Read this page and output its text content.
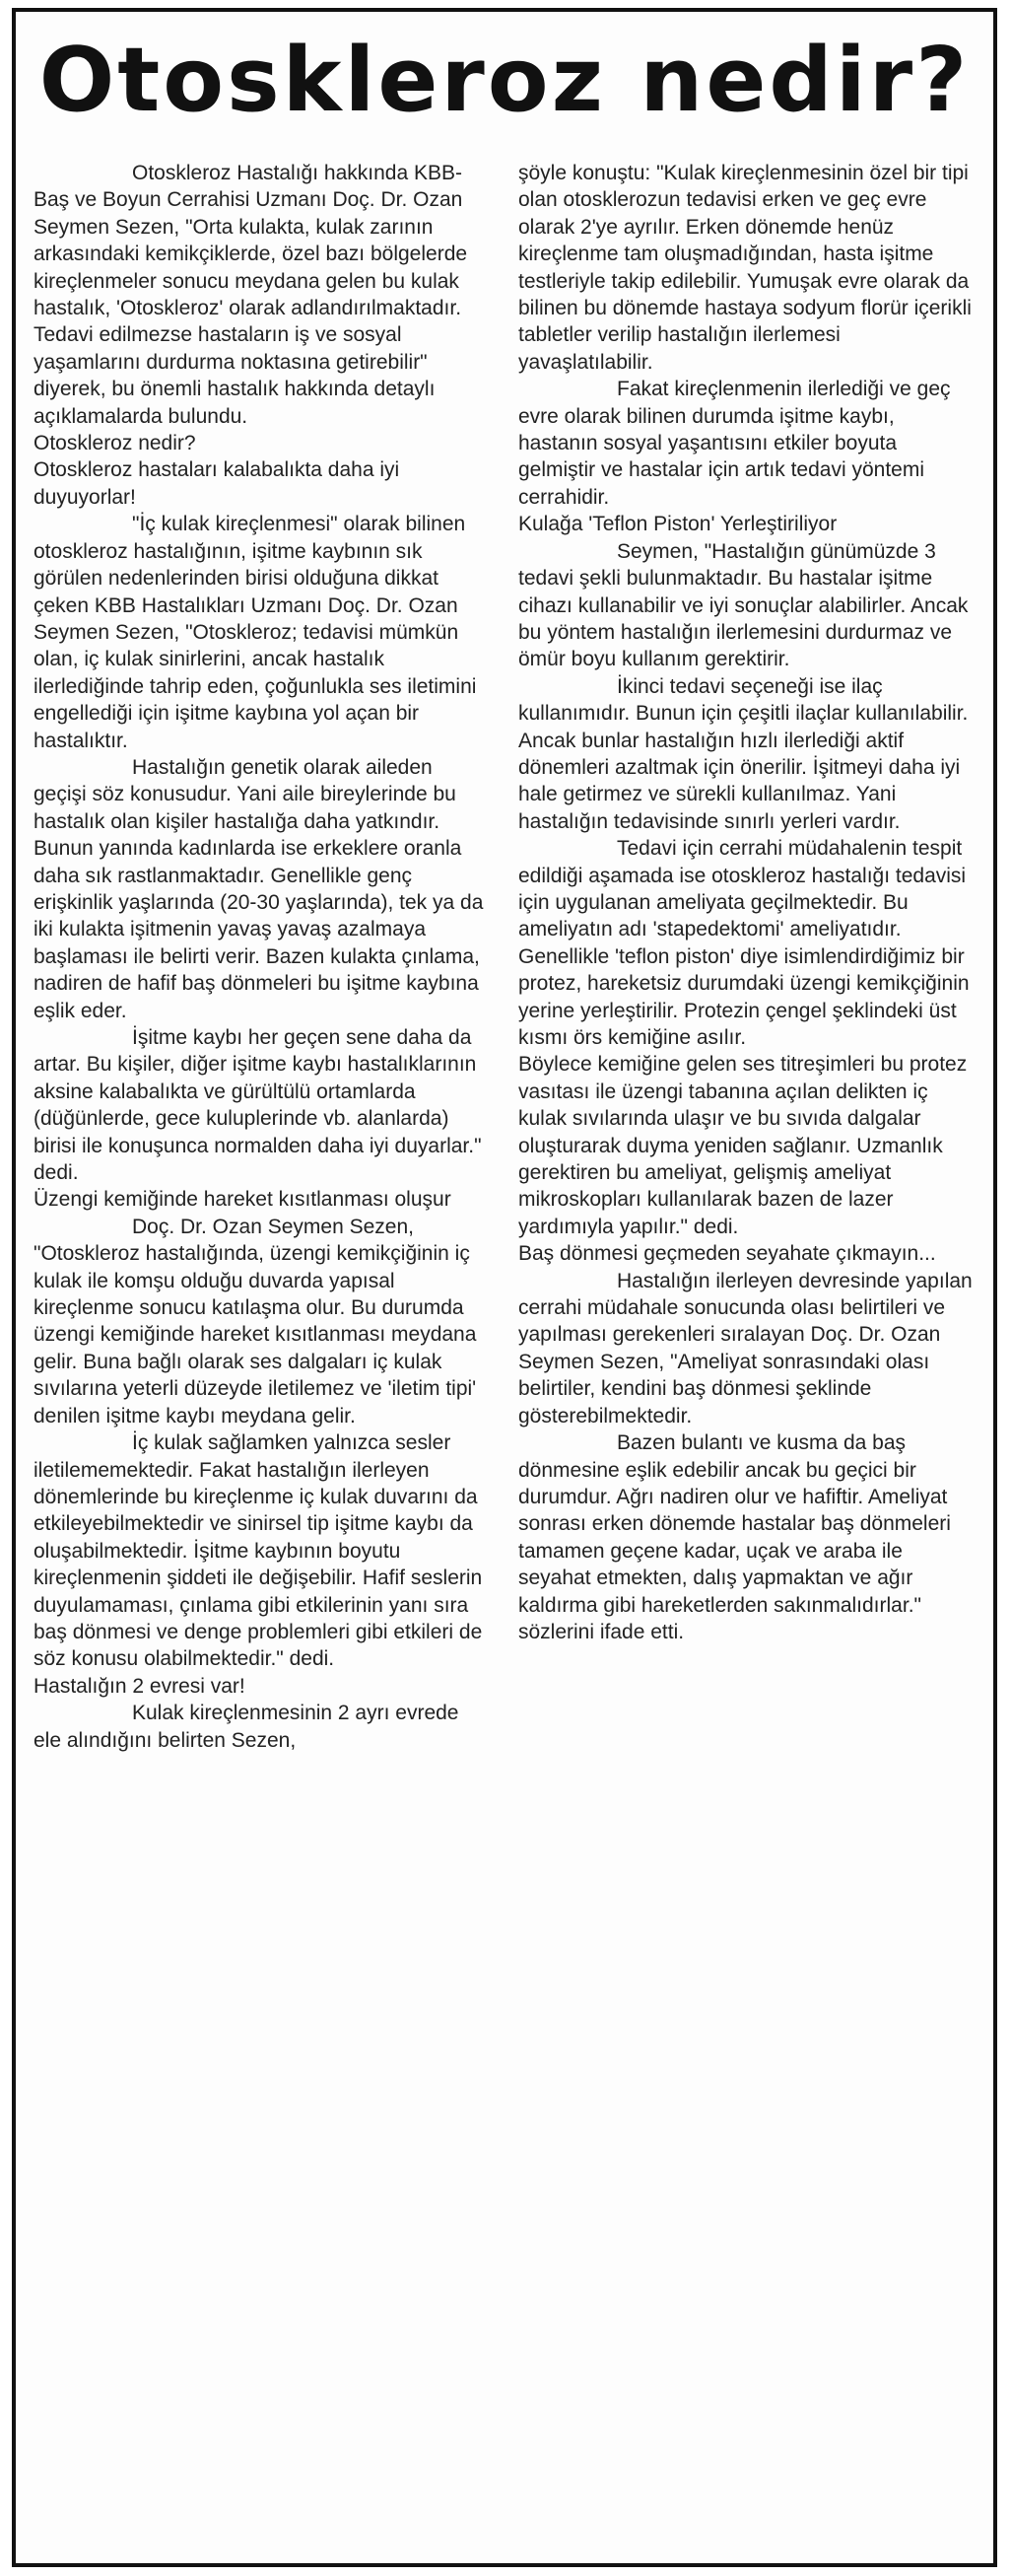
Otoskleroz nedir?

Otoskleroz Hastalığı hakkında KBB-Baş ve Boyun Cerrahisi Uzmanı Doç. Dr. Ozan Seymen Sezen, "Orta kulakta, kulak zarının arkasındaki kemikçiklerde, özel bazı bölgelerde kireçlenmeler sonucu meydana gelen bu kulak hastalık, 'Otoskleroz' olarak adlandırılmaktadır. Tedavi edilmezse hastaların iş ve sosyal yaşamlarını durdurma noktasına getirebilir" diyerek, bu önemli hastalık hakkında detaylı açıklamalarda bulundu.

Otoskleroz nedir?

Otoskleroz hastaları kalabalıkta daha iyi duyuyorlar!

"İç kulak kireçlenmesi" olarak bilinen otoskleroz hastalığının, işitme kaybının sık görülen nedenlerinden birisi olduğuna dikkat çeken KBB Hastalıkları Uzmanı Doç. Dr. Ozan Seymen Sezen, "Otoskleroz; tedavisi mümkün olan, iç kulak sinirlerini, ancak hastalık ilerlediğinde tahrip eden, çoğunlukla ses iletimini engellediği için işitme kaybına yol açan bir hastalıktır.

Hastalığın genetik olarak aileden geçişi söz konusudur. Yani aile bireylerinde bu hastalık olan kişiler hastalığa daha yatkındır. Bunun yanında kadınlarda ise erkeklere oranla daha sık rastlanmaktadır. Genellikle genç erişkinlik yaşlarında (20-30 yaşlarında), tek ya da iki kulakta işitmenin yavaş yavaş azalmaya başlaması ile belirti verir. Bazen kulakta çınlama, nadiren de hafif baş dönmeleri bu işitme kaybına eşlik eder.

İşitme kaybı her geçen sene daha da artar. Bu kişiler, diğer işitme kaybı hastalıklarının aksine kalabalıkta ve gürültülü ortamlarda (düğünlerde, gece kuluplerinde vb. alanlarda) birisi ile konuşunca normalden daha iyi duyarlar." dedi.

Üzengi kemiğinde hareket kısıtlanması oluşur

Doç. Dr. Ozan Seymen Sezen, "Otoskleroz hastalığında, üzengi kemikçiğinin iç kulak ile komşu olduğu duvarda yapısal kireçlenme sonucu katılaşma olur. Bu durumda üzengi kemiğinde hareket kısıtlanması meydana gelir. Buna bağlı olarak ses dalgaları iç kulak sıvılarına yeterli düzeyde iletilemez ve 'iletim tipi' denilen işitme kaybı meydana gelir.

İç kulak sağlamken yalnızca sesler iletilememektedir. Fakat hastalığın ilerleyen dönemlerinde bu kireçlenme iç kulak duvarını da etkileyebilmektedir ve sinirsel tip işitme kaybı da oluşabilmektedir. İşitme kaybının boyutu kireçlenmenin şiddeti ile değişebilir. Hafif seslerin duyulamaması, çınlama gibi etkilerinin yanı sıra baş dönmesi ve denge problemleri gibi etkileri de söz konusu olabilmektedir." dedi.

Hastalığın 2 evresi var!

Kulak kireçlenmesinin 2 ayrı evrede ele alındığını belirten Sezen,

şöyle konuştu: "Kulak kireçlenmesinin özel bir tipi olan otosklerozun tedavisi erken ve geç evre olarak 2'ye ayrılır. Erken dönemde henüz kireçlenme tam oluşmadığından, hasta işitme testleriyle takip edilebilir. Yumuşak evre olarak da bilinen bu dönemde hastaya sodyum florür içerikli tabletler verilip hastalığın ilerlemesi yavaşlatılabilir.

Fakat kireçlenmenin ilerlediği ve geç evre olarak bilinen durumda işitme kaybı, hastanın sosyal yaşantısını etkiler boyuta gelmiştir ve hastalar için artık tedavi yöntemi cerrahidir.

Kulağa 'Teflon Piston' Yerleştiriliyor

Seymen, "Hastalığın günümüzde 3 tedavi şekli bulunmaktadır. Bu hastalar işitme cihazı kullanabilir ve iyi sonuçlar alabilirler. Ancak bu yöntem hastalığın ilerlemesini durdurmaz ve ömür boyu kullanım gerektirir.

İkinci tedavi seçeneği ise ilaç kullanımıdır. Bunun için çeşitli ilaçlar kullanılabilir. Ancak bunlar hastalığın hızlı ilerlediği aktif dönemleri azaltmak için önerilir. İşitmeyi daha iyi hale getirmez ve sürekli kullanılmaz. Yani hastalığın tedavisinde sınırlı yerleri vardır.

Tedavi için cerrahi müdahalenin tespit edildiği aşamada ise otoskleroz hastalığı tedavisi için uygulanan ameliyata geçilmektedir. Bu ameliyatın adı 'stapedektomi' ameliyatıdır. Genellikle 'teflon piston' diye isimlendirdiğimiz bir protez, hareketsiz durumdaki üzengi kemikçiğinin yerine yerleştirilir. Protezin çengel şeklindeki üst kısmı örs kemiğine asılır.

Böylece kemiğine gelen ses titreşimleri bu protez vasıtası ile üzengi tabanına açılan delikten iç kulak sıvılarında ulaşır ve bu sıvıda dalgalar oluşturarak duyma yeniden sağlanır. Uzmanlık gerektiren bu ameliyat, gelişmiş ameliyat mikroskopları kullanılarak bazen de lazer yardımıyla yapılır." dedi.

Baş dönmesi geçmeden seyahate çıkmayın...

Hastalığın ilerleyen devresinde yapılan cerrahi müdahale sonucunda olası belirtileri ve yapılması gerekenleri sıralayan Doç. Dr. Ozan Seymen Sezen, "Ameliyat sonrasındaki olası belirtiler, kendini baş dönmesi şeklinde gösterebilmektedir.

Bazen bulantı ve kusma da baş dönmesine eşlik edebilir ancak bu geçici bir durumdur. Ağrı nadiren olur ve hafiftir. Ameliyat sonrası erken dönemde hastalar baş dönmeleri tamamen geçene kadar, uçak ve araba ile seyahat etmekten, dalış yapmaktan ve ağır kaldırma gibi hareketlerden sakınmalıdırlar." sözlerini ifade etti.
